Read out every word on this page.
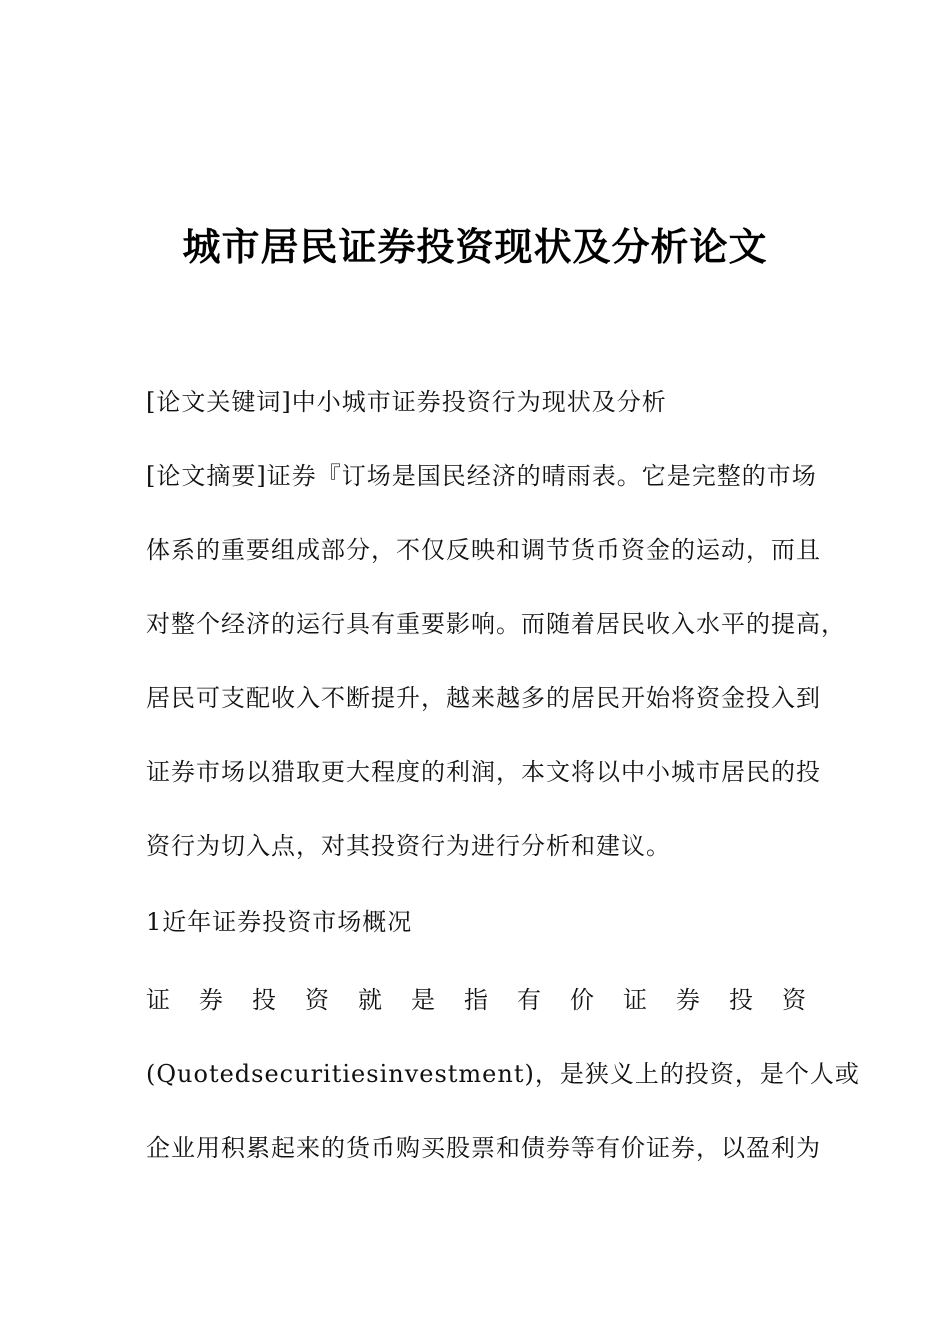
城市居民证券投资现状及分析论文
[论文关键词]中小城市证券投资行为现状及分析
[论文摘要]证券『订场是国民经济的晴雨表。它是完整的市场
体系的重要组成部分，不仅反映和调节货币资金的运动，而且
对整个经济的运行具有重要影响。而随着居民收入水平的提高，
居民可支配收入不断提升，越来越多的居民开始将资金投入到
证券市场以猎取更大程度的利润，本文将以中小城市居民的投
资行为切入点，对其投资行为进行分析和建议。
1近年证券投资市场概况
证 券 投 资 就 是 指 有 价 证 券 投 资
(Quotedsecuritiesinvestment)，是狭义上的投资，是个人或
企业用积累起来的货币购买股票和债券等有价证券，以盈利为
